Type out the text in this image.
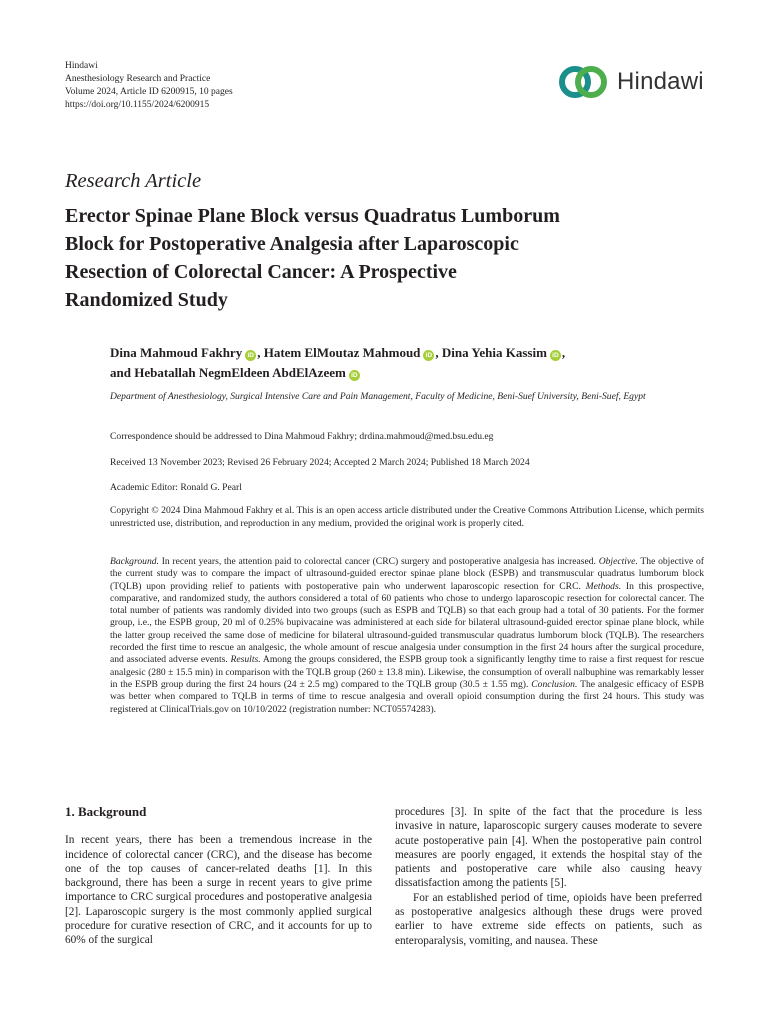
Hindawi
Anesthesiology Research and Practice
Volume 2024, Article ID 6200915, 10 pages
https://doi.org/10.1155/2024/6200915
Hindawi
Research Article
Erector Spinae Plane Block versus Quadratus Lumborum
Block for Postoperative Analgesia after Laparoscopic
Resection of Colorectal Cancer: A Prospective
Randomized Study
Dina Mahmoud Fakhry iD , Hatem ElMoutaz Mahmoud iD , Dina Yehia Kassim iD ,
and Hebatallah NegmEldeen AbdElAzeem iD
Department of Anesthesiology, Surgical Intensive Care and Pain Management, Faculty of Medicine, Beni-Suef University, Beni-Suef, Egypt
Correspondence should be addressed to Dina Mahmoud Fakhry; drdina.mahmoud@med.bsu.edu.eg
Received 13 November 2023; Revised 26 February 2024; Accepted 2 March 2024; Published 18 March 2024
Academic Editor: Ronald G. Pearl
Copyright © 2024 Dina Mahmoud Fakhry et al. This is an open access article distributed under the Creative Commons Attribution License, which permits unrestricted use, distribution, and reproduction in any medium, provided the original work is properly cited.
Background. In recent years, the attention paid to colorectal cancer (CRC) surgery and postoperative analgesia has increased. Objective. The objective of the current study was to compare the impact of ultrasound-guided erector spinae plane block (ESPB) and transmuscular quadratus lumborum block (TQLB) upon providing relief to patients with postoperative pain who underwent laparoscopic resection for CRC. Methods. In this prospective, comparative, and randomized study, the authors considered a total of 60 patients who chose to undergo laparoscopic resection for colorectal cancer. The total number of patients was randomly divided into two groups (such as ESPB and TQLB) so that each group had a total of 30 patients. For the former group, i.e., the ESPB group, 20 ml of 0.25% bupivacaine was administered at each side for bilateral ultrasound-guided erector spinae plane block, while the latter group received the same dose of medicine for bilateral ultrasound-guided transmuscular quadratus lumborum block (TQLB). The researchers recorded the first time to rescue an analgesic, the whole amount of rescue analgesia under consumption in the first 24 hours after the surgical procedure, and associated adverse events. Results. Among the groups considered, the ESPB group took a significantly lengthy time to raise a first request for rescue analgesic (280 ± 15.5 min) in comparison with the TQLB group (260 ± 13.8 min). Likewise, the consumption of overall nalbuphine was remarkably lesser in the ESPB group during the first 24 hours (24 ± 2.5 mg) compared to the TQLB group (30.5 ± 1.55 mg). Conclusion. The analgesic efficacy of ESPB was better when compared to TQLB in terms of time to rescue analgesia and overall opioid consumption during the first 24 hours. This study was registered at ClinicalTrials.gov on 10/10/2022 (registration number: NCT05574283).
1. Background

In recent years, there has been a tremendous increase in the incidence of colorectal cancer (CRC), and the disease has become one of the top causes of cancer-related deaths [1]. In this background, there has been a surge in recent years to give prime importance to CRC surgical procedures and postoperative analgesia [2]. Laparoscopic surgery is the most commonly applied surgical procedure for curative resection of CRC, and it accounts for up to 60% of the surgical

procedures [3]. In spite of the fact that the procedure is less invasive in nature, laparoscopic surgery causes moderate to severe acute postoperative pain [4]. When the postoperative pain control measures are poorly engaged, it extends the hospital stay of the patients and postoperative care while also causing heavy dissatisfaction among the patients [5].

For an established period of time, opioids have been preferred as postoperative analgesics although these drugs were proved earlier to have extreme side effects on patients, such as enteroparalysis, vomiting, and nausea. These
